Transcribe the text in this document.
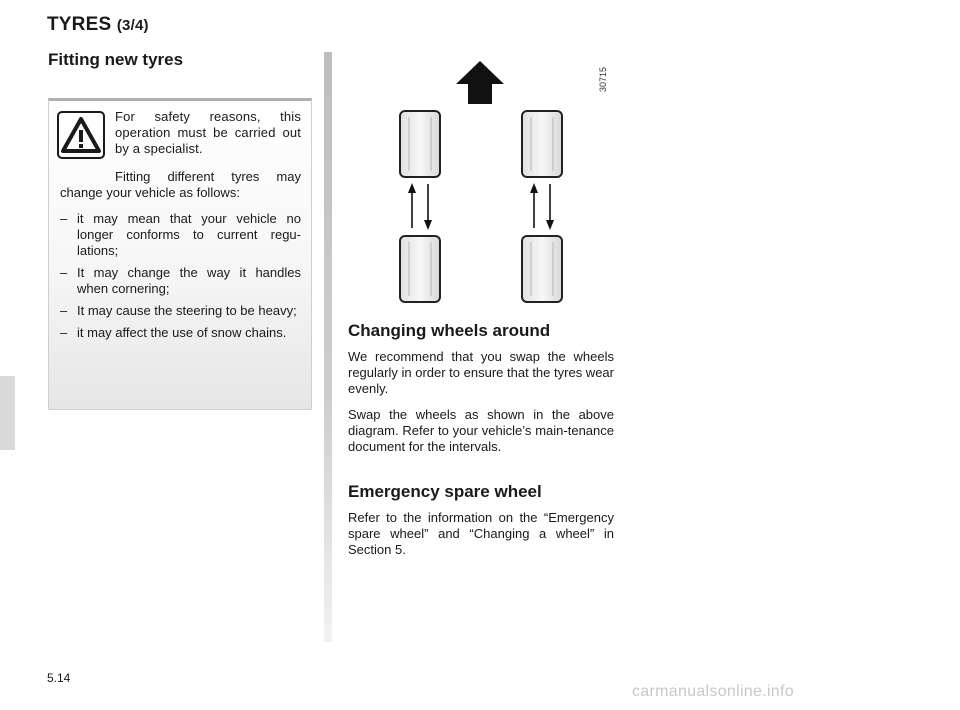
TYRES (3/4)
Fitting new tyres
For safety reasons, this operation must be carried out by a specialist.
Fitting different tyres may change your vehicle as follows:
– it may mean that your vehicle no longer conforms to current regu-lations;
– It may change the way it handles when cornering;
– It may cause the steering to be heavy;
– it may affect the use of snow chains.
30715
Changing wheels around
We recommend that you swap the wheels regularly in order to ensure that the tyres wear evenly.
Swap the wheels as shown in the above diagram. Refer to your vehicle’s main-tenance document for the intervals.
Emergency spare wheel
Refer to the information on the “Emergency spare wheel” and “Changing a wheel” in Section 5.
5.14
carmanualsonline.info
